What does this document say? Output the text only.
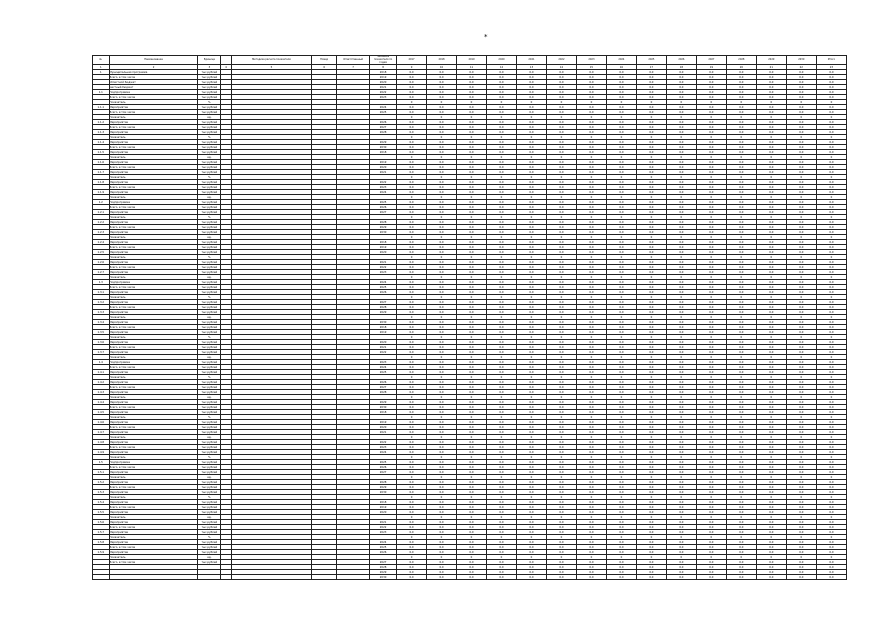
*
№	Наименование	Единица		Методика расчета показателя	Номер	Ответственный	Значения показателя по годам	2017	2018	2019	2020	2021	2022	2023	2024	2025	2026	2027	2028	2029	2030	Итого
1	2	3	4	5	6	7	8	9	10	11	12	13	14	15	16	17	18	19	20	21	22	23
1	Муниципальная программа	тыс.рублей					2018	0,0	0,0	0,0	0,0	0,0	0,0	0,0	0,0	0,0	0,0	0,0	0,0	0,0	0,0	0,0
	Всего, в том числе	тыс.рублей					2019	0,0	0,0	0,0	0,0	0,0	0,0	0,0	0,0	0,0	0,0	0,0	0,0	0,0	0,0	0,0
	областной бюджет	тыс.рублей					2020	0,0	0,0	0,0	0,0	0,0	0,0	0,0	0,0	0,0	0,0	0,0	0,0	0,0	0,0	0,0
	местный бюджет	тыс.рублей					2021	0,0	0,0	0,0	0,0	0,0	0,0	0,0	0,0	0,0	0,0	0,0	0,0	0,0	0,0	0,0
1.1	Подпрограмма	тыс.рублей					2022	0,0	0,0	0,0	0,0	0,0	0,0	0,0	0,0	0,0	0,0	0,0	0,0	0,0	0,0	0,0
	Всего, в том числе	тыс.рублей					2023	0,0	0,0	0,0	0,0	0,0	0,0	0,0	0,0	0,0	0,0	0,0	0,0	0,0	0,0	0,0
	Показатель	%						0	0	0	0	0	0	0	0	0	0	0	0	0	0	0
1.1.1	Мероприятие	тыс.рублей					2024	0,0	0,0	0,0	0,0	0,0	0,0	0,0	0,0	0,0	0,0	0,0	0,0	0,0	0,0	0,0
	Всего, в том числе	тыс.рублей					2025	0,0	0,0	0,0	0,0	0,0	0,0	0,0	0,0	0,0	0,0	0,0	0,0	0,0	0,0	0,0
	Показатель	ед.						0	0	0	0	0	0	0	0	0	0	0	0	0	0	0
1.1.2	Мероприятие	тыс.рублей					2026	0,0	0,0	0,0	0,0	0,0	0,0	0,0	0,0	0,0	0,0	0,0	0,0	0,0	0,0	0,0
	Всего, в том числе	тыс.рублей					2027	0,0	0,0	0,0	0,0	0,0	0,0	0,0	0,0	0,0	0,0	0,0	0,0	0,0	0,0	0,0
1.1.3	Мероприятие	тыс.рублей					2028	0,0	0,0	0,0	0,0	0,0	0,0	0,0	0,0	0,0	0,0	0,0	0,0	0,0	0,0	0,0
	Показатель	%						0	0	0	0	0	0	0	0	0	0	0	0	0	0	0
1.1.4	Мероприятие	тыс.рублей					2029	0,0	0,0	0,0	0,0	0,0	0,0	0,0	0,0	0,0	0,0	0,0	0,0	0,0	0,0	0,0
	Всего, в том числе	тыс.рублей					2030	0,0	0,0	0,0	0,0	0,0	0,0	0,0	0,0	0,0	0,0	0,0	0,0	0,0	0,0	0,0
1.1.5	Мероприятие	тыс.рублей					2018	0,0	0,0	0,0	0,0	0,0	0,0	0,0	0,0	0,0	0,0	0,0	0,0	0,0	0,0	0,0
	Показатель	ед.						0	0	0	0	0	0	0	0	0	0	0	0	0	0	0
1.1.6	Мероприятие	тыс.рублей					2019	0,0	0,0	0,0	0,0	0,0	0,0	0,0	0,0	0,0	0,0	0,0	0,0	0,0	0,0	0,0
	Всего, в том числе	тыс.рублей					2020	0,0	0,0	0,0	0,0	0,0	0,0	0,0	0,0	0,0	0,0	0,0	0,0	0,0	0,0	0,0
1.1.7	Мероприятие	тыс.рублей					2021	0,0	0,0	0,0	0,0	0,0	0,0	0,0	0,0	0,0	0,0	0,0	0,0	0,0	0,0	0,0
	Показатель	%						0	0	0	0	0	0	0	0	0	0	0	0	0	0	0
1.1.8	Мероприятие	тыс.рублей					2022	0,0	0,0	0,0	0,0	0,0	0,0	0,0	0,0	0,0	0,0	0,0	0,0	0,0	0,0	0,0
	Всего, в том числе	тыс.рублей					2023	0,0	0,0	0,0	0,0	0,0	0,0	0,0	0,0	0,0	0,0	0,0	0,0	0,0	0,0	0,0
1.1.9	Мероприятие	тыс.рублей					2024	0,0	0,0	0,0	0,0	0,0	0,0	0,0	0,0	0,0	0,0	0,0	0,0	0,0	0,0	0,0
	Показатель	ед.						0	0	0	0	0	0	0	0	0	0	0	0	0	0	0
1.2	Подпрограмма	тыс.рублей					2025	0,0	0,0	0,0	0,0	0,0	0,0	0,0	0,0	0,0	0,0	0,0	0,0	0,0	0,0	0,0
	Всего, в том числе	тыс.рублей					2026	0,0	0,0	0,0	0,0	0,0	0,0	0,0	0,0	0,0	0,0	0,0	0,0	0,0	0,0	0,0
1.2.1	Мероприятие	тыс.рублей					2027	0,0	0,0	0,0	0,0	0,0	0,0	0,0	0,0	0,0	0,0	0,0	0,0	0,0	0,0	0,0
	Показатель	%						0	0	0	0	0	0	0	0	0	0	0	0	0	0	0
1.2.2	Мероприятие	тыс.рублей					2028	0,0	0,0	0,0	0,0	0,0	0,0	0,0	0,0	0,0	0,0	0,0	0,0	0,0	0,0	0,0
	Всего, в том числе	тыс.рублей					2029	0,0	0,0	0,0	0,0	0,0	0,0	0,0	0,0	0,0	0,0	0,0	0,0	0,0	0,0	0,0
1.2.3	Мероприятие	тыс.рублей					2030	0,0	0,0	0,0	0,0	0,0	0,0	0,0	0,0	0,0	0,0	0,0	0,0	0,0	0,0	0,0
	Показатель	ед.						0	0	0	0	0	0	0	0	0	0	0	0	0	0	0
1.2.4	Мероприятие	тыс.рублей					2018	0,0	0,0	0,0	0,0	0,0	0,0	0,0	0,0	0,0	0,0	0,0	0,0	0,0	0,0	0,0
	Всего, в том числе	тыс.рублей					2019	0,0	0,0	0,0	0,0	0,0	0,0	0,0	0,0	0,0	0,0	0,0	0,0	0,0	0,0	0,0
1.2.5	Мероприятие	тыс.рублей					2020	0,0	0,0	0,0	0,0	0,0	0,0	0,0	0,0	0,0	0,0	0,0	0,0	0,0	0,0	0,0
	Показатель	%						0	0	0	0	0	0	0	0	0	0	0	0	0	0	0
1.2.6	Мероприятие	тыс.рублей					2021	0,0	0,0	0,0	0,0	0,0	0,0	0,0	0,0	0,0	0,0	0,0	0,0	0,0	0,0	0,0
	Всего, в том числе	тыс.рублей					2022	0,0	0,0	0,0	0,0	0,0	0,0	0,0	0,0	0,0	0,0	0,0	0,0	0,0	0,0	0,0
1.2.7	Мероприятие	тыс.рублей					2023	0,0	0,0	0,0	0,0	0,0	0,0	0,0	0,0	0,0	0,0	0,0	0,0	0,0	0,0	0,0
	Показатель	ед.						0	0	0	0	0	0	0	0	0	0	0	0	0	0	0
1.3	Подпрограмма	тыс.рублей					2024	0,0	0,0	0,0	0,0	0,0	0,0	0,0	0,0	0,0	0,0	0,0	0,0	0,0	0,0	0,0
	Всего, в том числе	тыс.рублей					2025	0,0	0,0	0,0	0,0	0,0	0,0	0,0	0,0	0,0	0,0	0,0	0,0	0,0	0,0	0,0
1.3.1	Мероприятие	тыс.рублей					2026	0,0	0,0	0,0	0,0	0,0	0,0	0,0	0,0	0,0	0,0	0,0	0,0	0,0	0,0	0,0
	Показатель	%						0	0	0	0	0	0	0	0	0	0	0	0	0	0	0
1.3.2	Мероприятие	тыс.рублей					2027	0,0	0,0	0,0	0,0	0,0	0,0	0,0	0,0	0,0	0,0	0,0	0,0	0,0	0,0	0,0
	Всего, в том числе	тыс.рублей					2028	0,0	0,0	0,0	0,0	0,0	0,0	0,0	0,0	0,0	0,0	0,0	0,0	0,0	0,0	0,0
1.3.3	Мероприятие	тыс.рублей					2029	0,0	0,0	0,0	0,0	0,0	0,0	0,0	0,0	0,0	0,0	0,0	0,0	0,0	0,0	0,0
	Показатель	ед.						0	0	0	0	0	0	0	0	0	0	0	0	0	0	0
1.3.4	Мероприятие	тыс.рублей					2030	0,0	0,0	0,0	0,0	0,0	0,0	0,0	0,0	0,0	0,0	0,0	0,0	0,0	0,0	0,0
	Всего, в том числе	тыс.рублей					2018	0,0	0,0	0,0	0,0	0,0	0,0	0,0	0,0	0,0	0,0	0,0	0,0	0,0	0,0	0,0
1.3.5	Мероприятие	тыс.рублей					2019	0,0	0,0	0,0	0,0	0,0	0,0	0,0	0,0	0,0	0,0	0,0	0,0	0,0	0,0	0,0
	Показатель	%						0	0	0	0	0	0	0	0	0	0	0	0	0	0	0
1.3.6	Мероприятие	тыс.рублей					2020	0,0	0,0	0,0	0,0	0,0	0,0	0,0	0,0	0,0	0,0	0,0	0,0	0,0	0,0	0,0
	Всего, в том числе	тыс.рублей					2021	0,0	0,0	0,0	0,0	0,0	0,0	0,0	0,0	0,0	0,0	0,0	0,0	0,0	0,0	0,0
1.3.7	Мероприятие	тыс.рублей					2022	0,0	0,0	0,0	0,0	0,0	0,0	0,0	0,0	0,0	0,0	0,0	0,0	0,0	0,0	0,0
	Показатель	ед.						0	0	0	0	0	0	0	0	0	0	0	0	0	0	0
1.4	Подпрограмма	тыс.рублей					2023	0,0	0,0	0,0	0,0	0,0	0,0	0,0	0,0	0,0	0,0	0,0	0,0	0,0	0,0	0,0
	Всего, в том числе	тыс.рублей					2024	0,0	0,0	0,0	0,0	0,0	0,0	0,0	0,0	0,0	0,0	0,0	0,0	0,0	0,0	0,0
1.4.1	Мероприятие	тыс.рублей					2025	0,0	0,0	0,0	0,0	0,0	0,0	0,0	0,0	0,0	0,0	0,0	0,0	0,0	0,0	0,0
	Показатель	%						0	0	0	0	0	0	0	0	0	0	0	0	0	0	0
1.4.2	Мероприятие	тыс.рублей					2026	0,0	0,0	0,0	0,0	0,0	0,0	0,0	0,0	0,0	0,0	0,0	0,0	0,0	0,0	0,0
	Всего, в том числе	тыс.рублей					2027	0,0	0,0	0,0	0,0	0,0	0,0	0,0	0,0	0,0	0,0	0,0	0,0	0,0	0,0	0,0
1.4.3	Мероприятие	тыс.рублей					2028	0,0	0,0	0,0	0,0	0,0	0,0	0,0	0,0	0,0	0,0	0,0	0,0	0,0	0,0	0,0
	Показатель	ед.						0	0	0	0	0	0	0	0	0	0	0	0	0	0	0
1.4.4	Мероприятие	тыс.рублей					2029	0,0	0,0	0,0	0,0	0,0	0,0	0,0	0,0	0,0	0,0	0,0	0,0	0,0	0,0	0,0
	Всего, в том числе	тыс.рублей					2030	0,0	0,0	0,0	0,0	0,0	0,0	0,0	0,0	0,0	0,0	0,0	0,0	0,0	0,0	0,0
1.4.5	Мероприятие	тыс.рублей					2018	0,0	0,0	0,0	0,0	0,0	0,0	0,0	0,0	0,0	0,0	0,0	0,0	0,0	0,0	0,0
	Показатель	%						0	0	0	0	0	0	0	0	0	0	0	0	0	0	0
1.4.6	Мероприятие	тыс.рублей					2019	0,0	0,0	0,0	0,0	0,0	0,0	0,0	0,0	0,0	0,0	0,0	0,0	0,0	0,0	0,0
	Всего, в том числе	тыс.рублей					2020	0,0	0,0	0,0	0,0	0,0	0,0	0,0	0,0	0,0	0,0	0,0	0,0	0,0	0,0	0,0
1.4.7	Мероприятие	тыс.рублей					2021	0,0	0,0	0,0	0,0	0,0	0,0	0,0	0,0	0,0	0,0	0,0	0,0	0,0	0,0	0,0
	Показатель	ед.						0	0	0	0	0	0	0	0	0	0	0	0	0	0	0
1.4.8	Мероприятие	тыс.рублей					2022	0,0	0,0	0,0	0,0	0,0	0,0	0,0	0,0	0,0	0,0	0,0	0,0	0,0	0,0	0,0
	Всего, в том числе	тыс.рублей					2023	0,0	0,0	0,0	0,0	0,0	0,0	0,0	0,0	0,0	0,0	0,0	0,0	0,0	0,0	0,0
1.4.9	Мероприятие	тыс.рублей					2024	0,0	0,0	0,0	0,0	0,0	0,0	0,0	0,0	0,0	0,0	0,0	0,0	0,0	0,0	0,0
	Показатель	%						0	0	0	0	0	0	0	0	0	0	0	0	0	0	0
1.5	Подпрограмма	тыс.рублей					2025	0,0	0,0	0,0	0,0	0,0	0,0	0,0	0,0	0,0	0,0	0,0	0,0	0,0	0,0	0,0
	Всего, в том числе	тыс.рублей					2026	0,0	0,0	0,0	0,0	0,0	0,0	0,0	0,0	0,0	0,0	0,0	0,0	0,0	0,0	0,0
1.5.1	Мероприятие	тыс.рублей					2027	0,0	0,0	0,0	0,0	0,0	0,0	0,0	0,0	0,0	0,0	0,0	0,0	0,0	0,0	0,0
	Показатель	ед.						0	0	0	0	0	0	0	0	0	0	0	0	0	0	0
1.5.2	Мероприятие	тыс.рублей					2028	0,0	0,0	0,0	0,0	0,0	0,0	0,0	0,0	0,0	0,0	0,0	0,0	0,0	0,0	0,0
	Всего, в том числе	тыс.рублей					2029	0,0	0,0	0,0	0,0	0,0	0,0	0,0	0,0	0,0	0,0	0,0	0,0	0,0	0,0	0,0
1.5.3	Мероприятие	тыс.рублей					2030	0,0	0,0	0,0	0,0	0,0	0,0	0,0	0,0	0,0	0,0	0,0	0,0	0,0	0,0	0,0
	Показатель	%						0	0	0	0	0	0	0	0	0	0	0	0	0	0	0
1.5.4	Мероприятие	тыс.рублей					2018	0,0	0,0	0,0	0,0	0,0	0,0	0,0	0,0	0,0	0,0	0,0	0,0	0,0	0,0	0,0
	Всего, в том числе	тыс.рублей					2019	0,0	0,0	0,0	0,0	0,0	0,0	0,0	0,0	0,0	0,0	0,0	0,0	0,0	0,0	0,0
1.5.5	Мероприятие	тыс.рублей					2020	0,0	0,0	0,0	0,0	0,0	0,0	0,0	0,0	0,0	0,0	0,0	0,0	0,0	0,0	0,0
	Показатель	ед.						0	0	0	0	0	0	0	0	0	0	0	0	0	0	0
1.5.6	Мероприятие	тыс.рублей					2021	0,0	0,0	0,0	0,0	0,0	0,0	0,0	0,0	0,0	0,0	0,0	0,0	0,0	0,0	0,0
	Всего, в том числе	тыс.рублей					2022	0,0	0,0	0,0	0,0	0,0	0,0	0,0	0,0	0,0	0,0	0,0	0,0	0,0	0,0	0,0
1.5.7	Мероприятие	тыс.рублей					2023	0,0	0,0	0,0	0,0	0,0	0,0	0,0	0,0	0,0	0,0	0,0	0,0	0,0	0,0	0,0
	Показатель	%						0	0	0	0	0	0	0	0	0	0	0	0	0	0	0
1.5.8	Мероприятие	тыс.рублей					2024	0,0	0,0	0,0	0,0	0,0	0,0	0,0	0,0	0,0	0,0	0,0	0,0	0,0	0,0	0,0
	Всего, в том числе	тыс.рублей					2025	0,0	0,0	0,0	0,0	0,0	0,0	0,0	0,0	0,0	0,0	0,0	0,0	0,0	0,0	0,0
1.5.9	Мероприятие	тыс.рублей					2026	0,0	0,0	0,0	0,0	0,0	0,0	0,0	0,0	0,0	0,0	0,0	0,0	0,0	0,0	0,0
	Показатель	ед.						0	0	0	0	0	0	0	0	0	0	0	0	0	0	0
	Всего, в том числе	тыс.рублей					2027	0,0	0,0	0,0	0,0	0,0	0,0	0,0	0,0	0,0	0,0	0,0	0,0	0,0	0,0	0,0
							2028	0,0	0,0	0,0	0,0	0,0	0,0	0,0	0,0	0,0	0,0	0,0	0,0	0,0	0,0	0,0
							2029	0,0	0,0	0,0	0,0	0,0	0,0	0,0	0,0	0,0	0,0	0,0	0,0	0,0	0,0	0,0
							2030	0,0	0,0	0,0	0,0	0,0	0,0	0,0	0,0	0,0	0,0	0,0	0,0	0,0	0,0	0,0
